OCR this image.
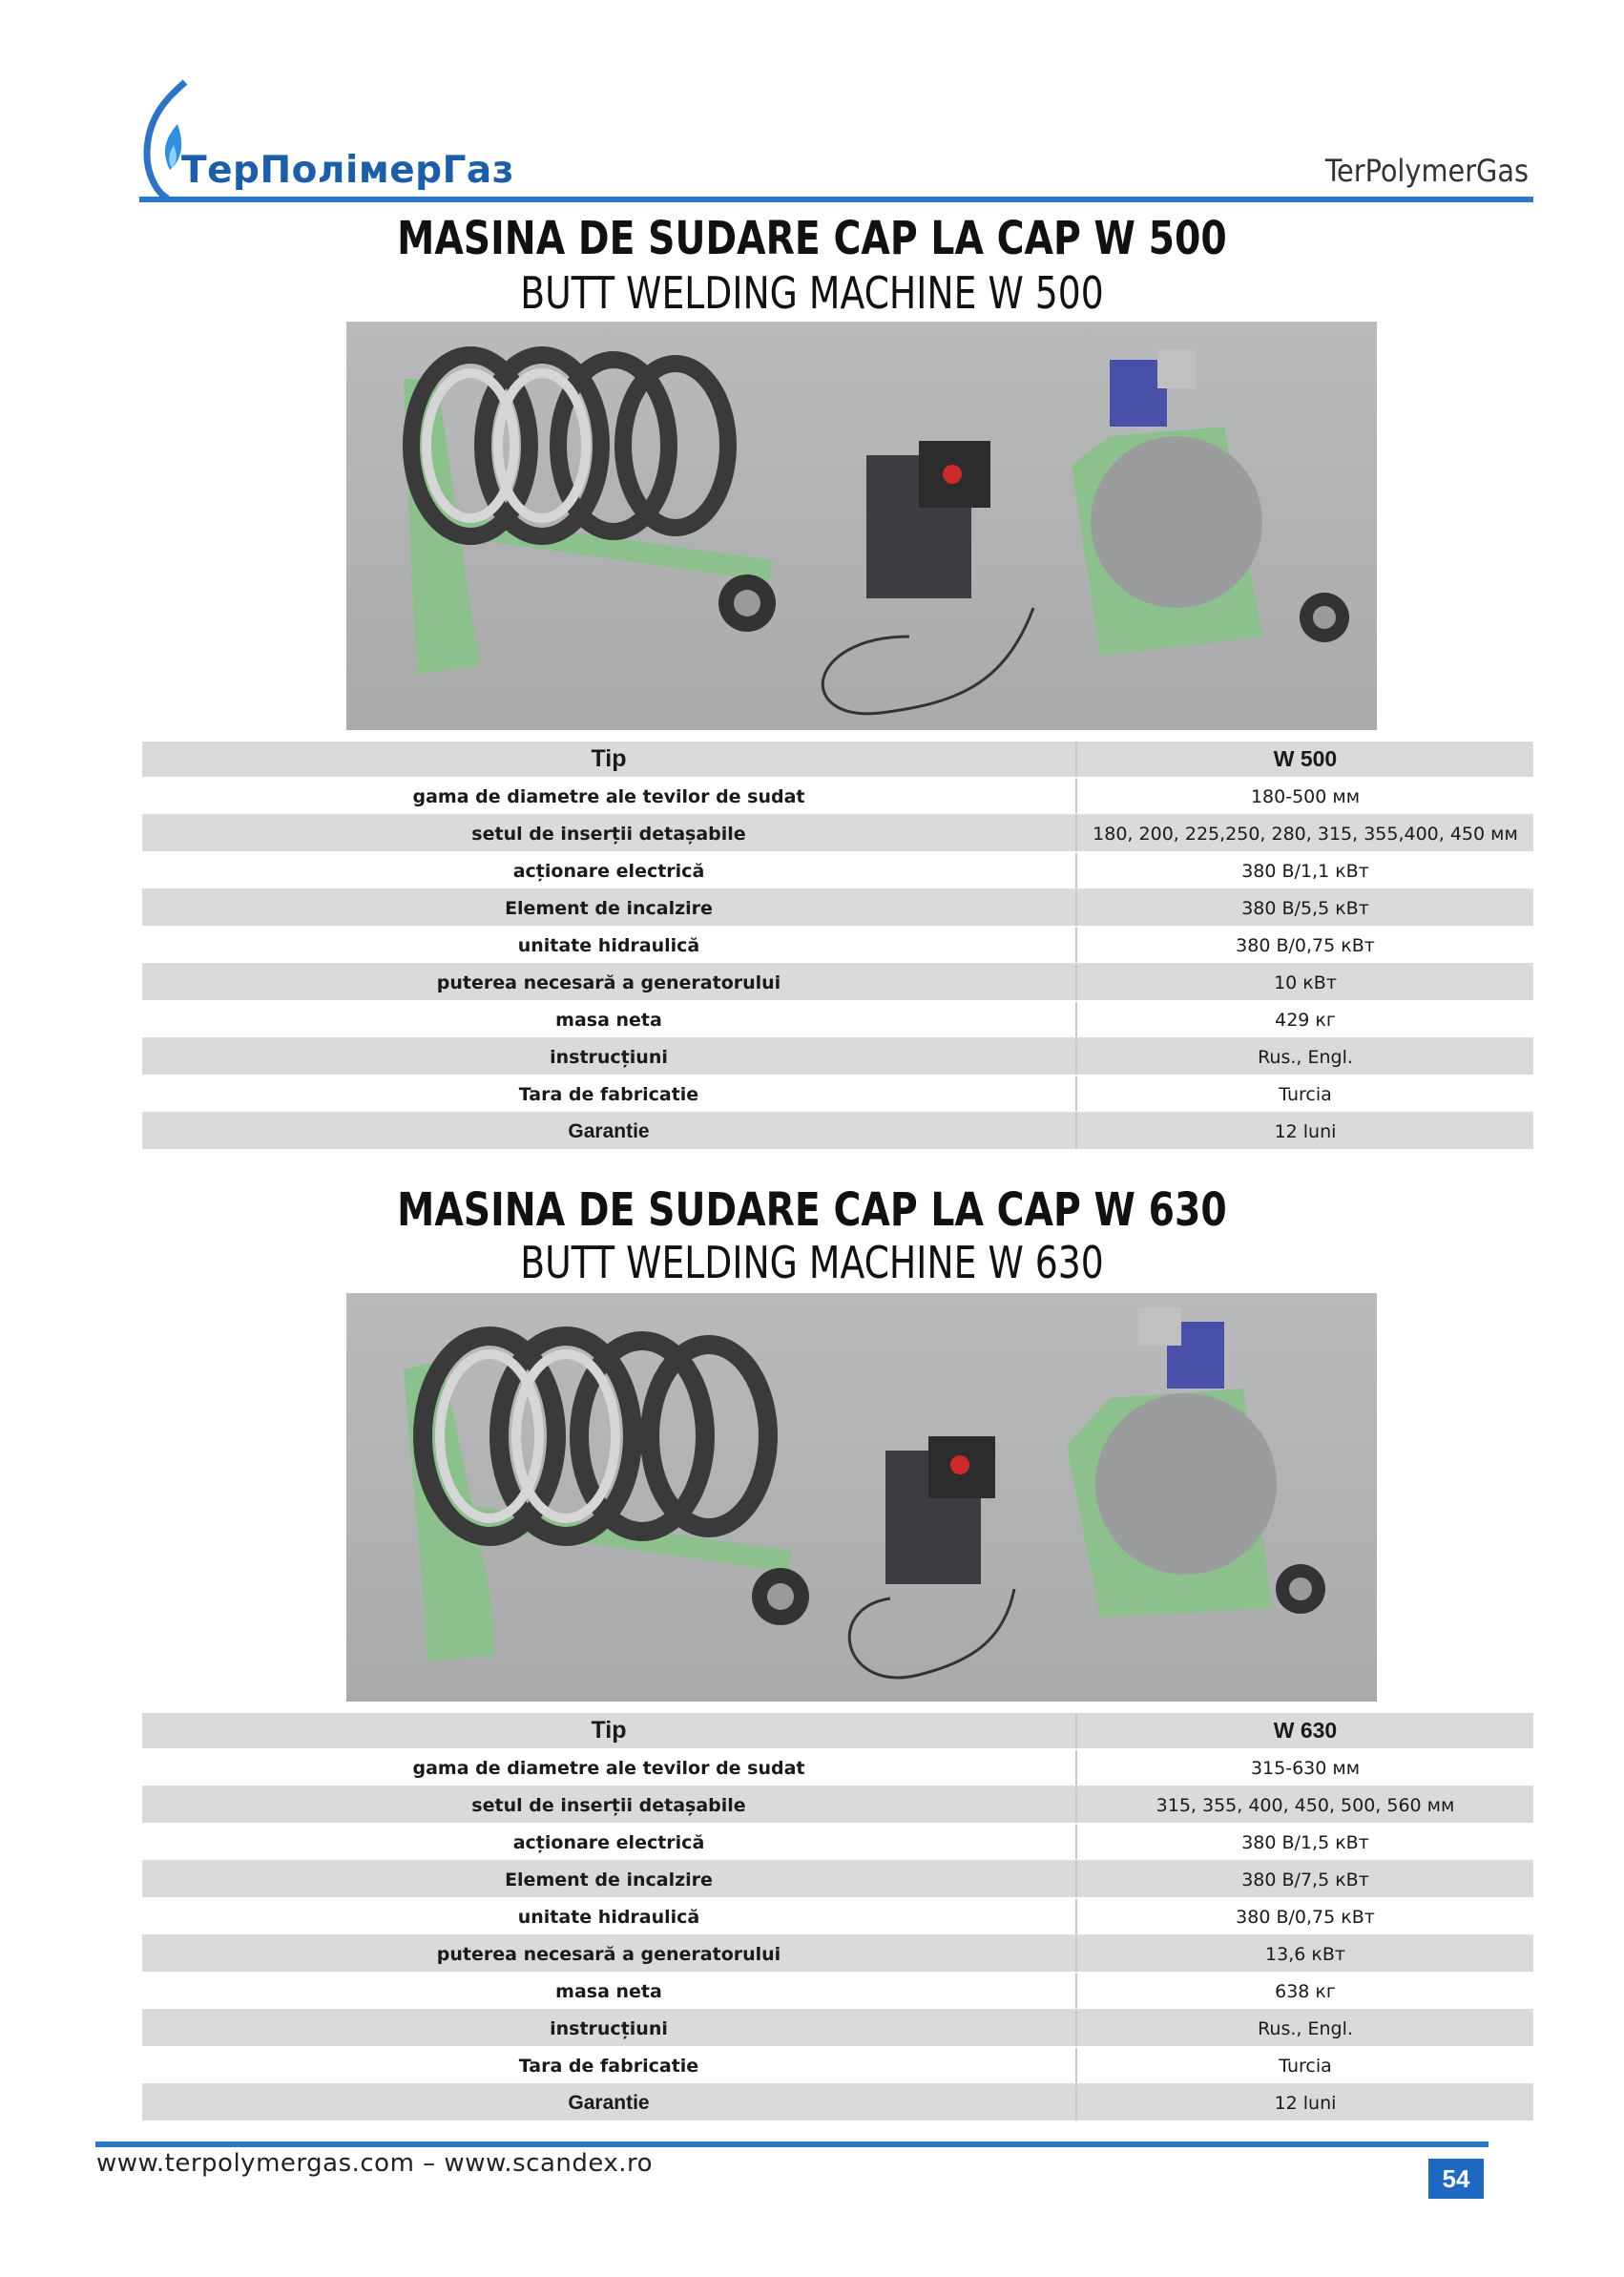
ТерПолімерГаз	TerPolymerGas
MASINA DE SUDARE CAP LA CAP W 500
BUTT WELDING MACHINE W 500
Tip	W 500
gama de diametre ale tevilor de sudat	180-500 мм
setul de inserții detașabile	180, 200, 225,250, 280, 315, 355,400, 450 мм
acționare electrică	380 В/1,1 кВт
Element de incalzire	380 В/5,5 кВт
unitate hidraulică	380 В/0,75 кВт
puterea necesară a generatorului	10 кВт
masa neta	429 кг
instrucțiuni	Rus., Engl.
Tara de fabricatie	Turcia
Garantie	12 luni
MASINA DE SUDARE CAP LA CAP W 630
BUTT WELDING MACHINE W 630
Tip	W 630
gama de diametre ale tevilor de sudat	315-630 мм
setul de inserții detașabile	315, 355, 400, 450, 500, 560 мм
acționare electrică	380 В/1,5 кВт
Element de incalzire	380 В/7,5 кВт
unitate hidraulică	380 В/0,75 кВт
puterea necesară a generatorului	13,6 кВт
masa neta	638 кг
instrucțiuni	Rus., Engl.
Tara de fabricatie	Turcia
Garantie	12 luni
www.terpolymergas.com – www.scandex.ro
54
